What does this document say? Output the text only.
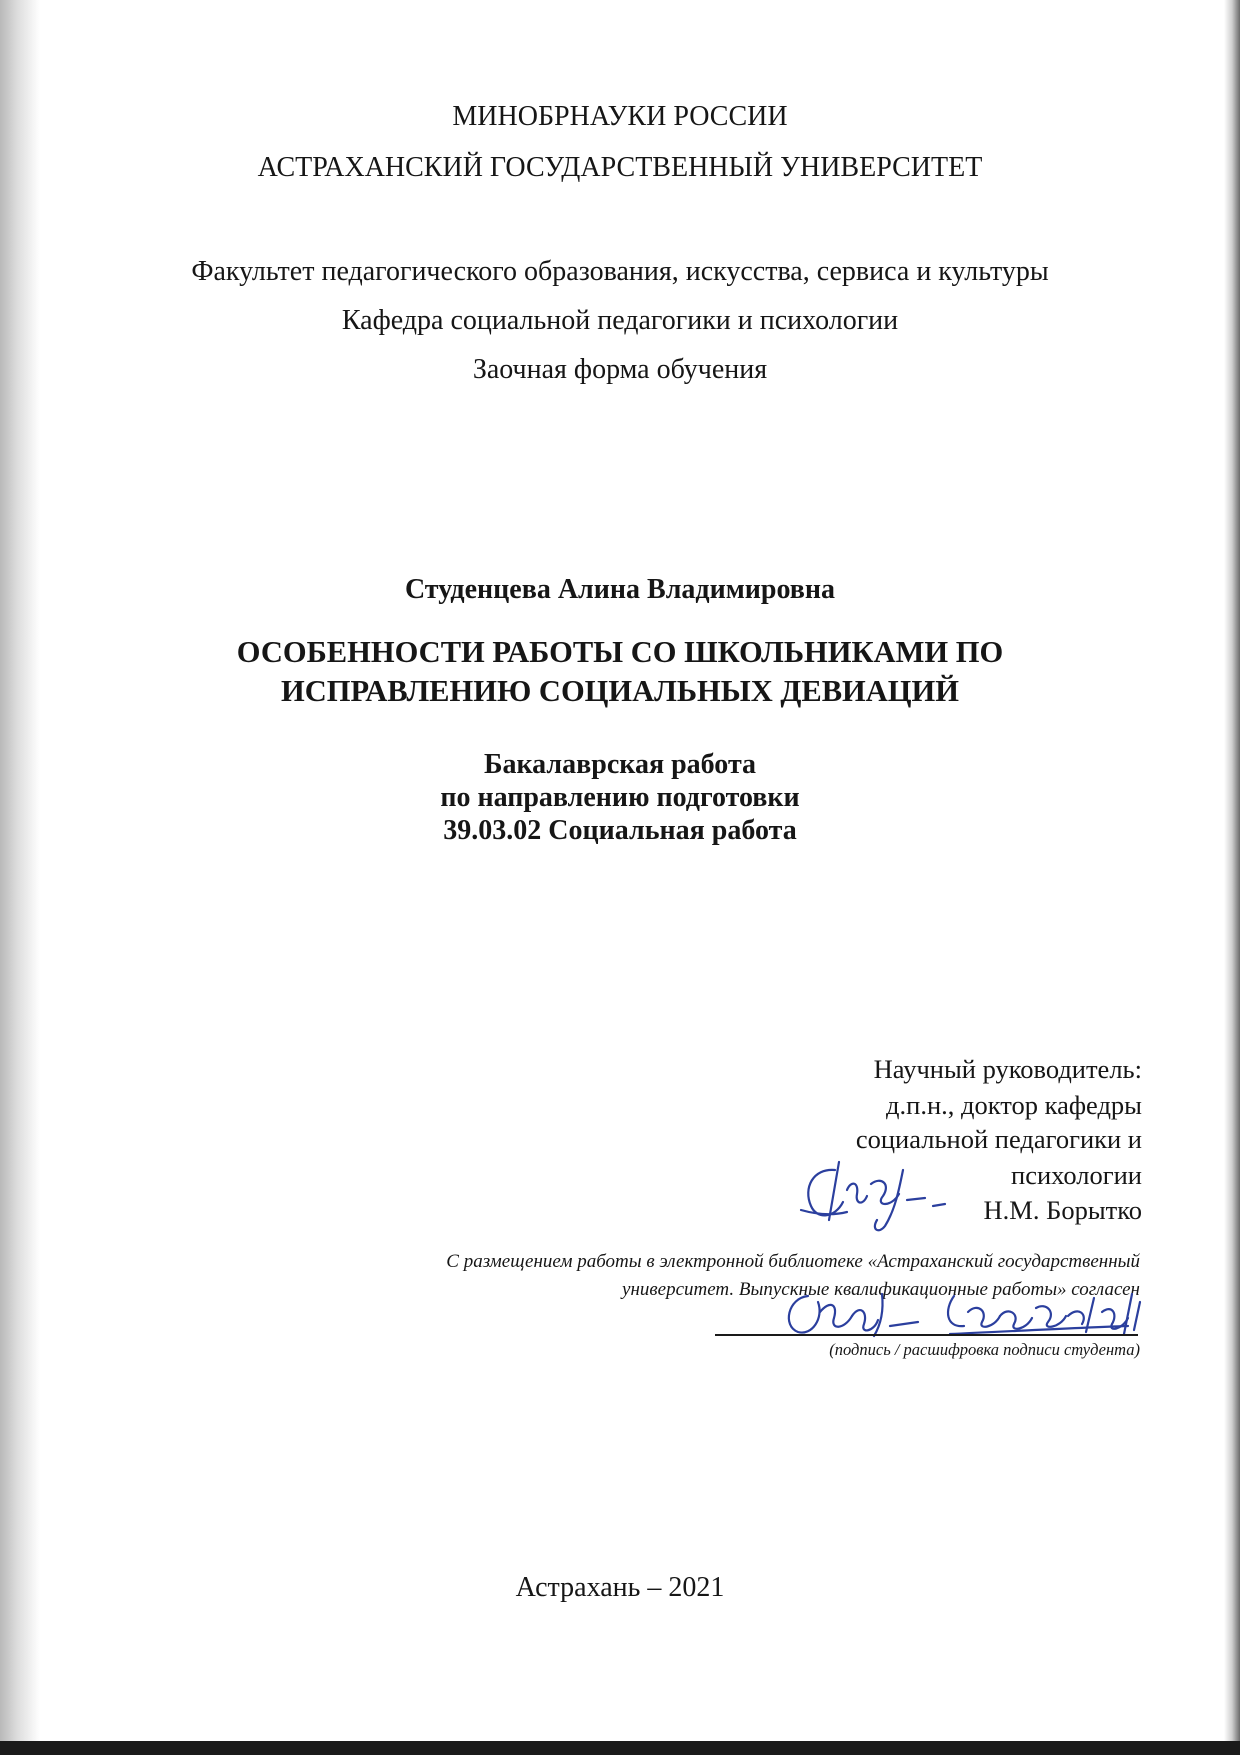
МИНОБРНАУКИ РОССИИ
АСТРАХАНСКИЙ ГОСУДАРСТВЕННЫЙ УНИВЕРСИТЕТ
Факультет педагогического образования, искусства, сервиса и культуры
Кафедра социальной педагогики и психологии
Заочная форма обучения
Студенцева Алина Владимировна
ОСОБЕННОСТИ РАБОТЫ СО ШКОЛЬНИКАМИ ПО
ИСПРАВЛЕНИЮ СОЦИАЛЬНЫХ ДЕВИАЦИЙ
Бакалаврская работа
по направлению подготовки
39.03.02 Социальная работа
Научный руководитель:
д.п.н., доктор кафедры
социальной педагогики и
психологии
Н.М. Борытко
С размещением работы в электронной библиотеке «Астраханский государственный
университет. Выпускные квалификационные работы» согласен
(подпись / расшифровка подписи студента)
Астрахань – 2021
